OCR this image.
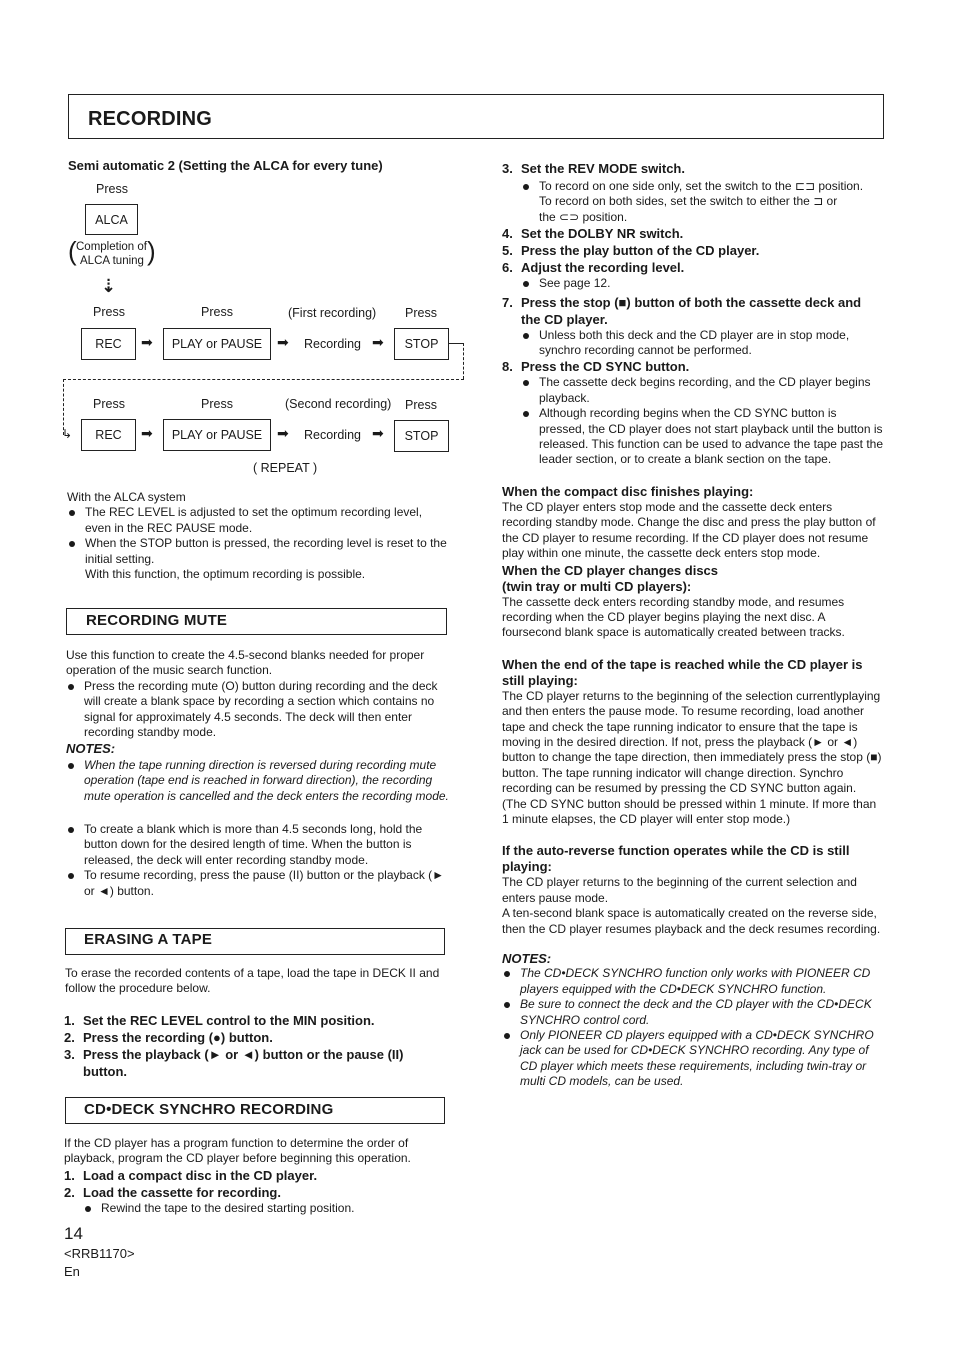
RECORDING
Semi automatic 2 (Setting the ALCA for every tune)
Press
ALCA
( Completion of
ALCA tuning )
⇣
Press	Press	(First recording) Press
REC	➡	PLAY or PAUSE	➡ Recording ➡	STOP
↳
Press	Press	(Second recording) Press
REC	➡	PLAY or PAUSE	➡ Recording ➡	STOP
( REPEAT )

With the ALCA system

The REC LEVEL is adjusted to set the optimum recording level, even in the REC PAUSE mode.

When the STOP button is pressed, the recording level is reset to the initial setting.

With this function, the optimum recording is possible.

RECORDING MUTE

Use this function to create the 4.5-second blanks needed for proper operation of the music search function.

Press the recording mute (O) button during recording and the deck will create a blank space by recording a section which contains no signal for approximately 4.5 seconds. The deck will then enter recording standby mode.

NOTES:

When the tape running direction is reversed during recording mute operation (tape end is reached in forward direction), the recording mute operation is cancelled and the deck enters the recording mode.

To create a blank which is more than 4.5 seconds long, hold the button down for the desired length of time. When the button is released, the deck will enter recording standby mode.

To resume recording, press the pause (II) button or the playback (► or ◄) button.

ERASING A TAPE

To erase the recorded contents of a tape, load the tape in DECK II and follow the procedure below.

1. Set the REC LEVEL control to the MIN position.

2. Press the recording (●) button.

3. Press the playback (► or ◄) button or the pause (II) button.

CD•DECK SYNCHRO RECORDING

If the CD player has a program function to determine the order of playback, program the CD player before beginning this operation.

1. Load a compact disc in the CD player.

2. Load the cassette for recording.

Rewind the tape to the desired starting position.

3. Set the REV MODE switch.

To record on one side only, set the switch to the ⊏⊐ position.
To record on both sides, set the switch to either the ⊐ or
the ⊂⊃ position.

4. Set the DOLBY NR switch.

5. Press the play button of the CD player.

6. Adjust the recording level.

See page 12.

7. Press the stop (■) button of both the cassette deck and the CD player.

Unless both this deck and the CD player are in stop mode, synchro recording cannot be performed.

8. Press the CD SYNC button.

The cassette deck begins recording, and the CD player begins playback.

Although recording begins when the CD SYNC button is pressed, the CD player does not start playback until the button is released. This function can be used to advance the tape past the leader section, or to create a blank section on the tape.

When the compact disc finishes playing:

The CD player enters stop mode and the cassette deck enters recording standby mode. Change the disc and press the play button of the CD player to resume recording. If the CD player does not resume play within one minute, the cassette deck enters stop mode.

When the CD player changes discs

(twin tray or multi CD players):

The cassette deck enters recording standby mode, and resumes recording when the CD player begins playing the next disc. A foursecond blank space is automatically created between tracks.

When the end of the tape is reached while the CD player is still playing:

The CD player returns to the beginning of the selection currentlyplaying and then enters the pause mode. To resume recording, load another tape and check the tape running indicator to ensure that the tape is moving in the desired direction. If not, press the playback (► or ◄) button to change the tape direction, then immediately press the stop (■) button. The tape running indicator will change direction. Synchro recording can be resumed by pressing the CD SYNC button again. (The CD SYNC button should be pressed within 1 minute. If more than 1 minute elapses, the CD player will enter stop mode.)

If the auto-reverse function operates while the CD is still playing:

The CD player returns to the beginning of the current selection and enters pause mode.

A ten-second blank space is automatically created on the reverse side, then the CD player resumes playback and the deck resumes recording.

NOTES:

The CD•DECK SYNCHRO function only works with PIONEER CD players equipped with the CD•DECK SYNCHRO function.

Be sure to connect the deck and the CD player with the CD•DECK SYNCHRO control cord.

Only PIONEER CD players equipped with a CD•DECK SYNCHRO jack can be used for CD•DECK SYNCHRO recording. Any type of CD player which meets these requirements, including twin-tray or multi CD models, can be used.

14
<RRB1170>
En
